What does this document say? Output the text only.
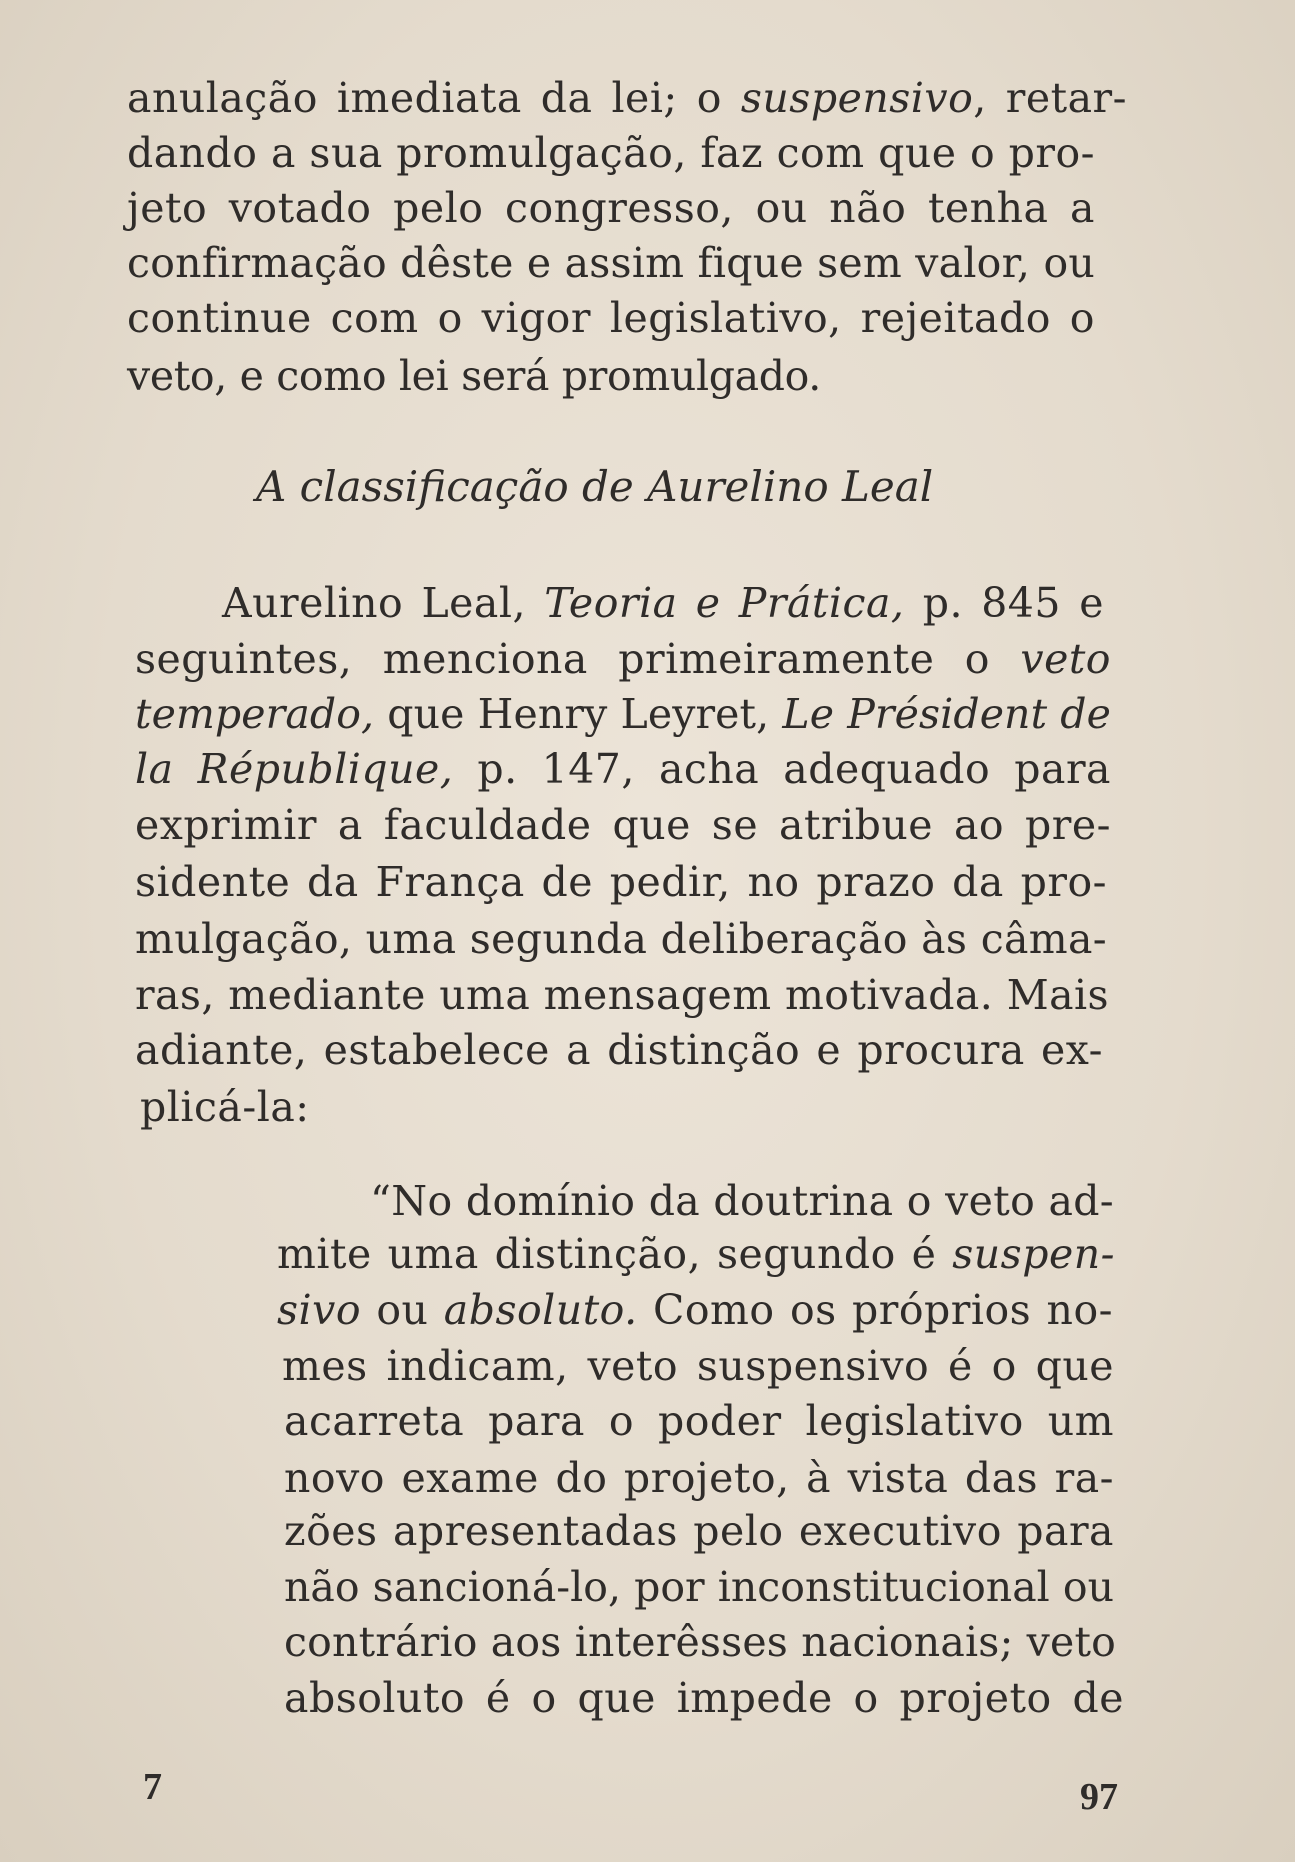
anulação imediata da lei; o suspensivo, retar-
dando a sua promulgação, faz com que o pro-
jeto votado pelo congresso, ou não tenha a
confirmação dêste e assim fique sem valor, ou
continue com o vigor legislativo, rejeitado o
veto, e como lei será promulgado.
A classificação de Aurelino Leal
Aurelino Leal, Teoria e Prática, p. 845 e
seguintes, menciona primeiramente o veto
temperado, que Henry Leyret, Le Président de
la République, p. 147, acha adequado para
exprimir a faculdade que se atribue ao pre-
sidente da França de pedir, no prazo da pro-
mulgação, uma segunda deliberação às câma-
ras, mediante uma mensagem motivada. Mais
adiante, estabelece a distinção e procura ex-
plicá-la:
“No domínio da doutrina o veto ad-
mite uma distinção, segundo é suspen-
sivo ou absoluto. Como os próprios no-
mes indicam, veto suspensivo é o que
acarreta para o poder legislativo um
novo exame do projeto, à vista das ra-
zões apresentadas pelo executivo para
não sancioná-lo, por inconstitucional ou
contrário aos interêsses nacionais; veto
absoluto é o que impede o projeto de
7	97
